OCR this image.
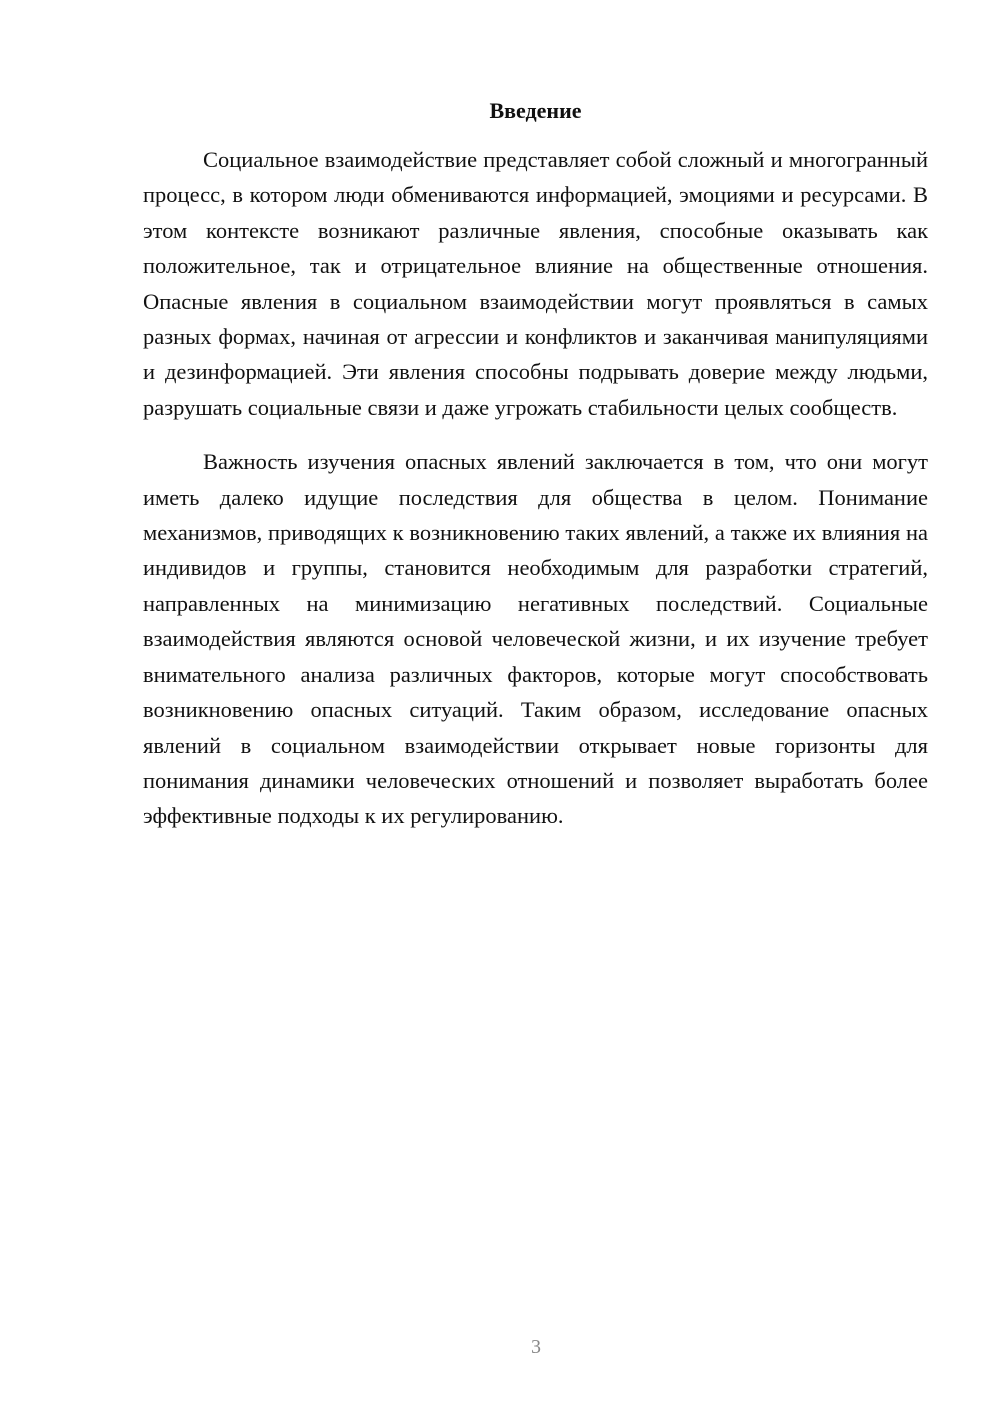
Введение

Социальное взаимодействие представляет собой сложный и многогранный процесс, в котором люди обмениваются информацией, эмоциями и ресурсами. В этом контексте возникают различные явления, способные оказывать как положительное, так и отрицательное влияние на общественные отношения. Опасные явления в социальном взаимодействии могут проявляться в самых разных формах, начиная от агрессии и конфликтов и заканчивая манипуляциями и дезинформацией. Эти явления способны подрывать доверие между людьми, разрушать социальные связи и даже угрожать стабильности целых сообществ.

Важность изучения опасных явлений заключается в том, что они могут иметь далеко идущие последствия для общества в целом. Понимание механизмов, приводящих к возникновению таких явлений, а также их влияния на индивидов и группы, становится необходимым для разработки стратегий, направленных на минимизацию негативных последствий. Социальные взаимодействия являются основой человеческой жизни, и их изучение требует внимательного анализа различных факторов, которые могут способствовать возникновению опасных ситуаций. Таким образом, исследование опасных явлений в социальном взаимодействии открывает новые горизонты для понимания динамики человеческих отношений и позволяет выработать более эффективные подходы к их регулированию.

3
